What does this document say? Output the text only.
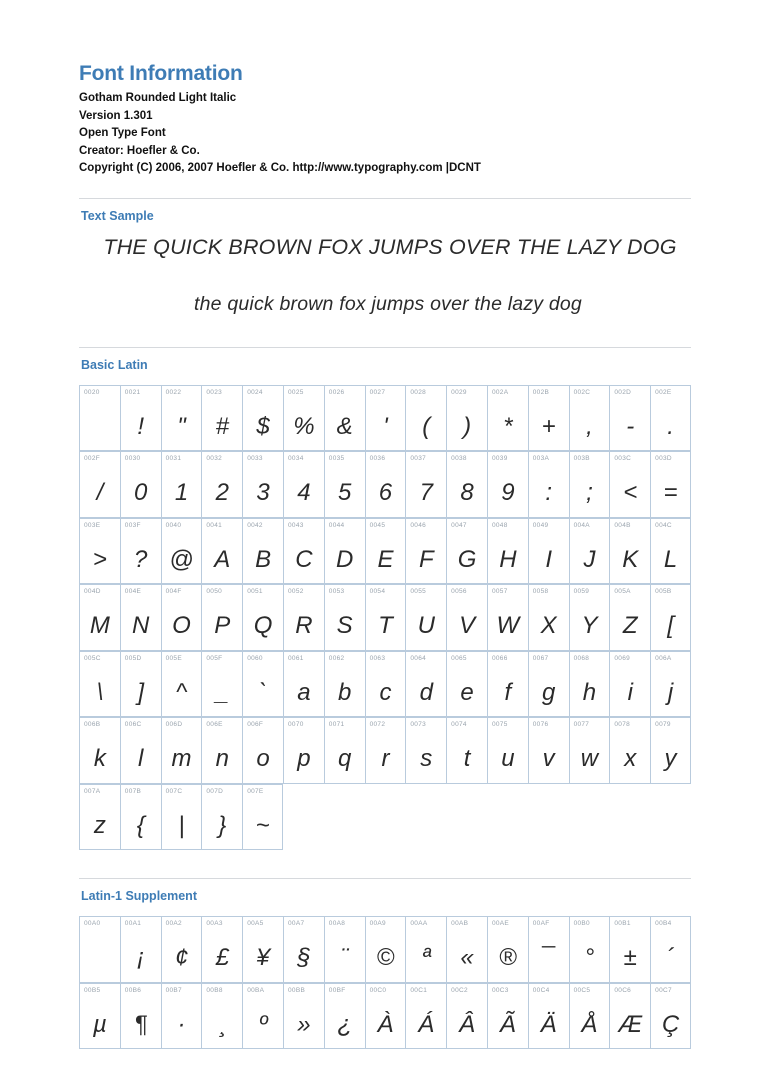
Font Information
Gotham Rounded Light Italic
Version 1.301
Open Type Font
Creator: Hoefler & Co.
Copyright (C) 2006, 2007 Hoefler & Co. http://www.typography.com |DCNT
Text Sample
THE QUICK BROWN FOX JUMPS OVER THE LAZY DOG
the quick brown fox jumps over the lazy dog
Basic Latin
0020	0021
!
0022
"
0023
#
0024
$
0025
%
0026
&
0027
'
0028
(
0029
)
002A
*
002B
+
002C
,
002D
-
002E
.
002F
/
0030
0
0031
1
0032
2
0033
3
0034
4
0035
5
0036
6
0037
7
0038
8
0039
9
003A
:
003B
;
003C
<
003D
=
003E
>
003F
?
0040
@
0041
A
0042
B
0043
C
0044
D
0045
E
0046
F
0047
G
0048
H
0049
I
004A
J
004B
K
004C
L
004D
M
004E
N
004F
O
0050
P
0051
Q
0052
R
0053
S
0054
T
0055
U
0056
V
0057
W
0058
X
0059
Y
005A
Z
005B
[
005C
\
005D
]
005E
^
005F
_
0060
`
0061
a
0062
b
0063
c
0064
d
0065
e
0066
f
0067
g
0068
h
0069
i
006A
j
006B
k
006C
l
006D
m
006E
n
006F
o
0070
p
0071
q
0072
r
0073
s
0074
t
0075
u
0076
v
0077
w
0078
x
0079
y
007A
z
007B
{
007C
|
007D
}
007E
~
Latin-1 Supplement
00A0	00A1
¡
00A2
¢
00A3
£
00A5
¥
00A7
§
00A8
¨
00A9
©
00AA
ª
00AB
«
00AE
®
00AF
¯
00B0
°
00B1
±
00B4
´
00B5
µ
00B6
¶
00B7
·
00B8
¸
00BA
º
00BB
»
00BF
¿
00C0
À
00C1
Á
00C2
Â
00C3
Ã
00C4
Ä
00C5
Å
00C6
Æ
00C7
Ç
